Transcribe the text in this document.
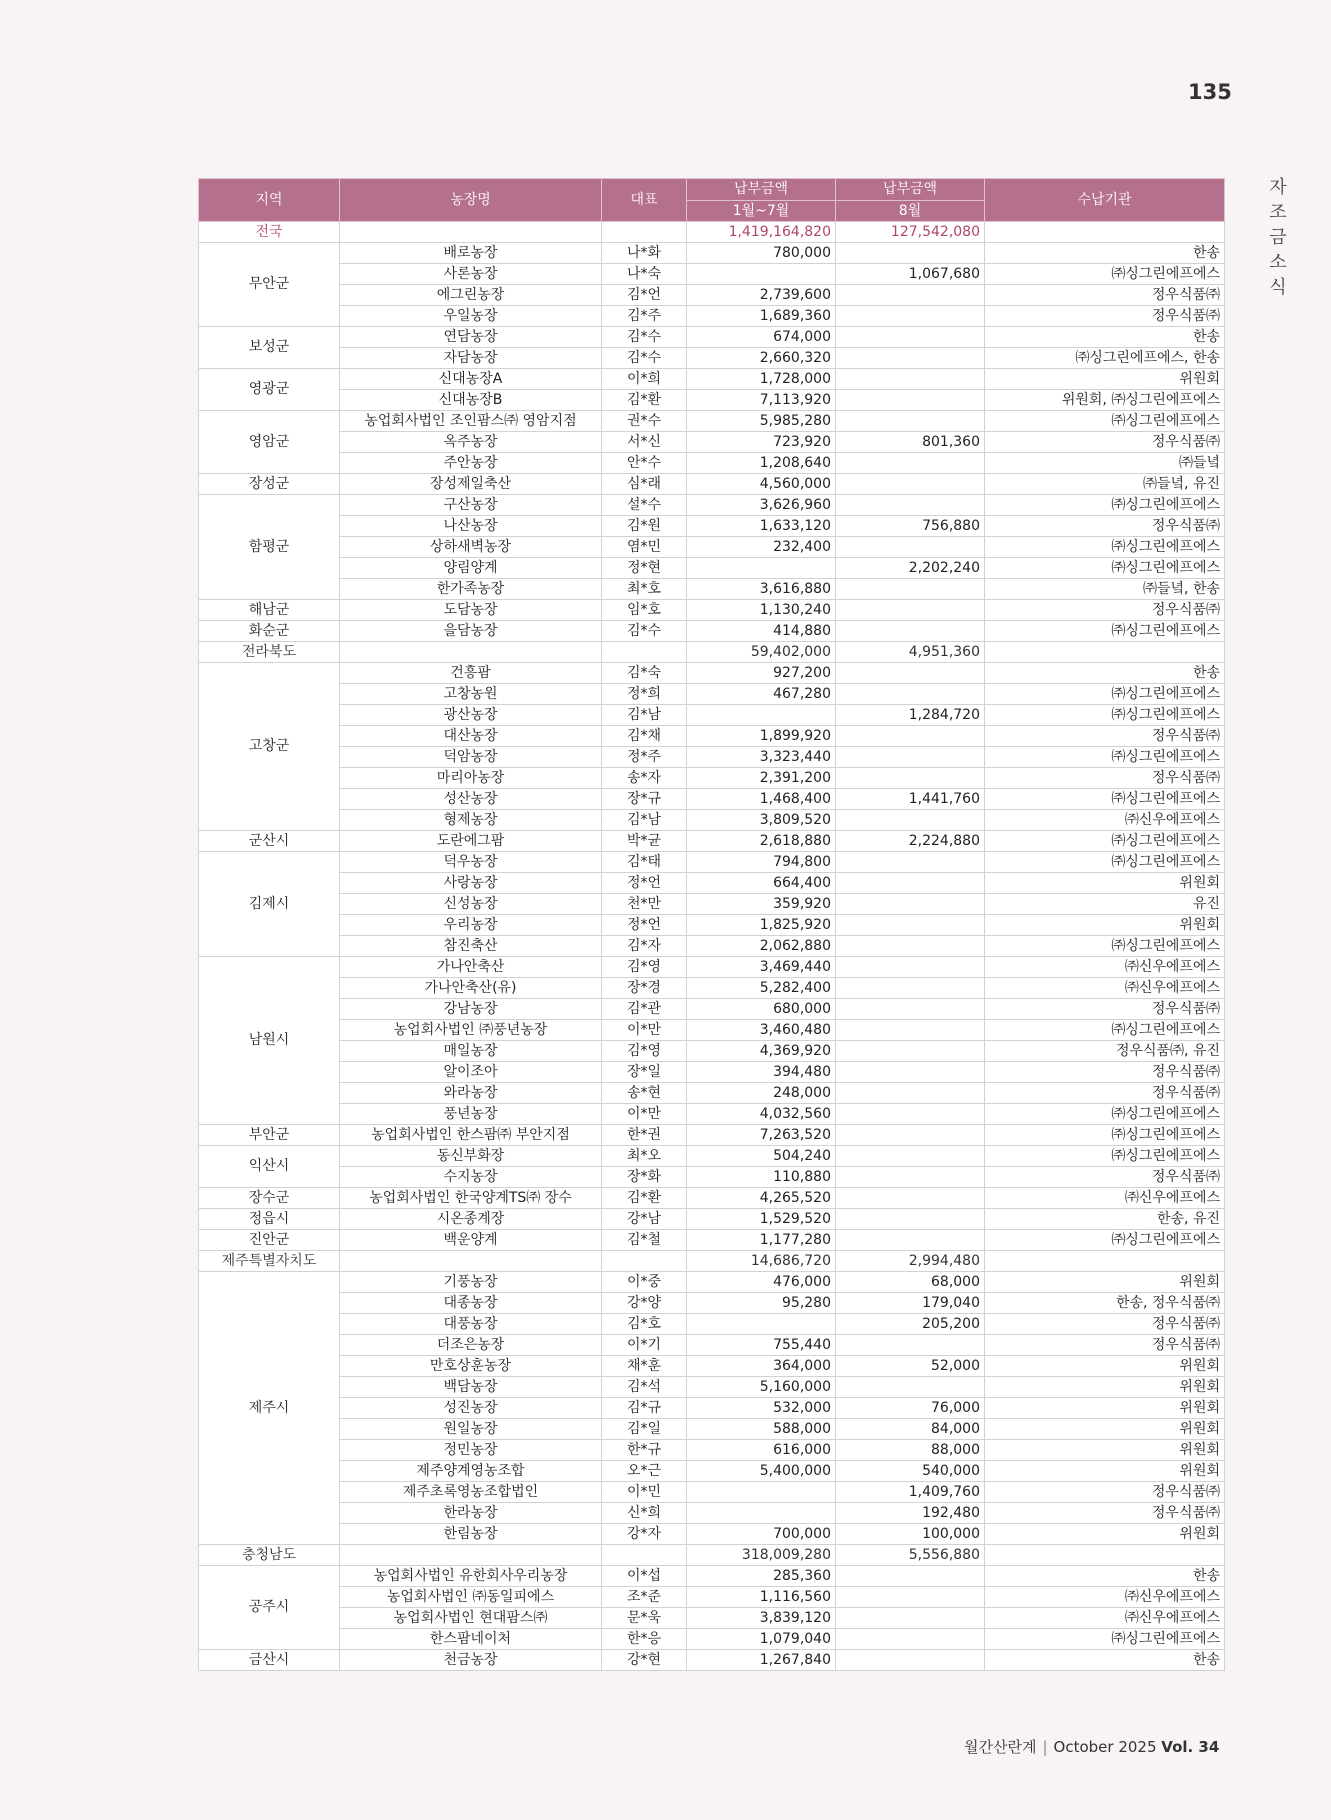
135
자조금 소식
지역	농장명	대표	납부금액	납부금액	수납기관
			1월~7월	8월	
전국			1,419,164,820	127,542,080	
무안군	배로농장	나*화	780,000		한송
	사론농장	나*숙		1,067,680	㈜싱그린에프에스
	에그린농장	김*언	2,739,600		정우식품㈜
	우일농장	김*주	1,689,360		정우식품㈜
보성군	연담농장	김*수	674,000		한송
	자담농장	김*수	2,660,320		㈜싱그린에프에스, 한송
영광군	신대농장A	이*희	1,728,000		위원회
	신대농장B	김*환	7,113,920		위원회, ㈜싱그린에프에스
영암군	농업회사법인 조인팜스㈜ 영암지점	권*수	5,985,280		㈜싱그린에프에스
	옥주농장	서*신	723,920	801,360	정우식품㈜
	주안농장	안*수	1,208,640		㈜들녘
장성군	장성제일축산	심*래	4,560,000		㈜들녘, 유진
함평군	구산농장	설*수	3,626,960		㈜싱그린에프에스
	나산농장	김*원	1,633,120	756,880	정우식품㈜
	상하새벽농장	염*민	232,400		㈜싱그린에프에스
	양림양계	정*현		2,202,240	㈜싱그린에프에스
	한가족농장	최*호	3,616,880		㈜들녘, 한송
해남군	도담농장	임*호	1,130,240		정우식품㈜
화순군	을담농장	김*수	414,880		㈜싱그린에프에스
전라북도			59,402,000	4,951,360	
고창군	건흥팜	김*숙	927,200		한송
	고창농원	정*희	467,280		㈜싱그린에프에스
	광산농장	김*남		1,284,720	㈜싱그린에프에스
	대산농장	김*채	1,899,920		정우식품㈜
	덕암농장	정*주	3,323,440		㈜싱그린에프에스
	마리아농장	송*자	2,391,200		정우식품㈜
	성산농장	장*규	1,468,400	1,441,760	㈜싱그린에프에스
	형제농장	김*남	3,809,520		㈜신우에프에스
군산시	도란에그팜	박*균	2,618,880	2,224,880	㈜싱그린에프에스
김제시	덕우농장	김*태	794,800		㈜싱그린에프에스
	사랑농장	정*언	664,400		위원회
	신성농장	천*만	359,920		유진
	우리농장	정*언	1,825,920		위원회
	참진축산	김*자	2,062,880		㈜싱그린에프에스
남원시	가나안축산	김*영	3,469,440		㈜신우에프에스
	가나안축산(유)	장*경	5,282,400		㈜신우에프에스
	강남농장	김*관	680,000		정우식품㈜
	농업회사법인 ㈜풍년농장	이*만	3,460,480		㈜싱그린에프에스
	매일농장	김*영	4,369,920		정우식품㈜, 유진
	알이조아	장*일	394,480		정우식품㈜
	와라농장	송*현	248,000		정우식품㈜
	풍년농장	이*만	4,032,560		㈜싱그린에프에스
부안군	농업회사법인 한스팜㈜ 부안지점	한*권	7,263,520		㈜싱그린에프에스
익산시	동신부화장	최*오	504,240		㈜싱그린에프에스
	수지농장	장*화	110,880		정우식품㈜
장수군	농업회사법인 한국양계TS㈜ 장수	김*환	4,265,520		㈜신우에프에스
정읍시	시온종계장	강*남	1,529,520		한송, 유진
진안군	백운양계	김*철	1,177,280		㈜싱그린에프에스
제주특별자치도			14,686,720	2,994,480	
제주시	기풍농장	이*중	476,000	68,000	위원회
	대종농장	강*양	95,280	179,040	한송, 정우식품㈜
	대풍농장	김*호		205,200	정우식품㈜
	더조은농장	이*기	755,440		정우식품㈜
	만호상훈농장	채*훈	364,000	52,000	위원회
	백담농장	김*석	5,160,000		위원회
	성진농장	김*규	532,000	76,000	위원회
	원일농장	김*일	588,000	84,000	위원회
	정민농장	한*규	616,000	88,000	위원회
	제주양계영농조합	오*근	5,400,000	540,000	위원회
	제주초록영농조합법인	이*민		1,409,760	정우식품㈜
	한라농장	신*희		192,480	정우식품㈜
	한림농장	강*자	700,000	100,000	위원회
충청남도			318,009,280	5,556,880	
공주시	농업회사법인 유한회사우리농장	이*섭	285,360		한송
	농업회사법인 ㈜동일피에스	조*준	1,116,560		㈜신우에프에스
	농업회사법인 현대팜스㈜	문*욱	3,839,120		㈜신우에프에스
	한스팜네이처	한*응	1,079,040		㈜싱그린에프에스
금산시	천금농장	강*현	1,267,840		한송
월간산란계 | October 2025 Vol. 34
